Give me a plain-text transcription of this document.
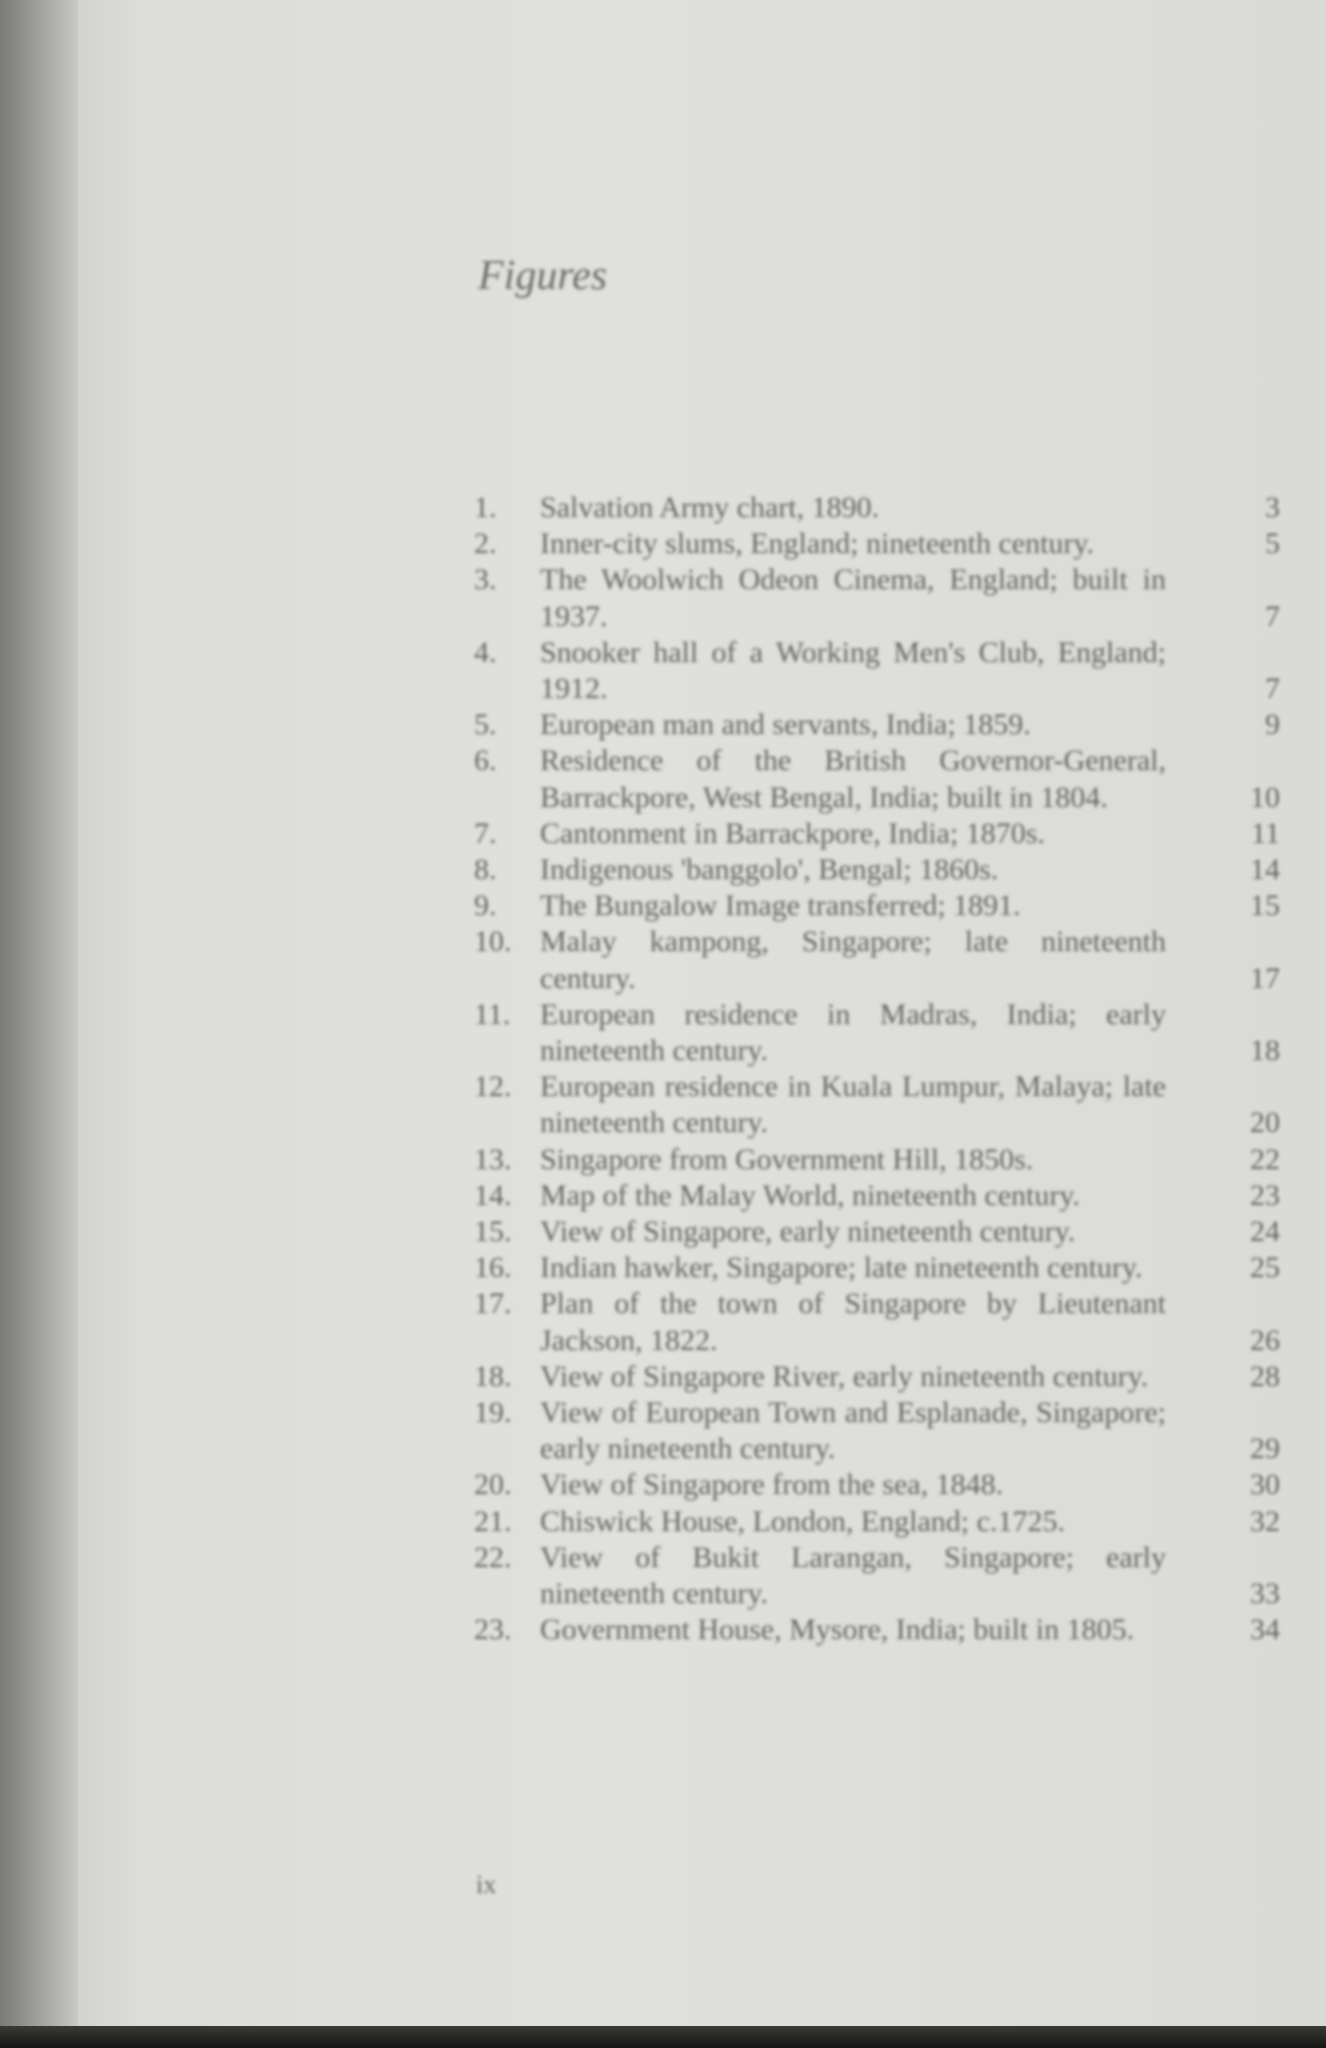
Figures
1.	Salvation Army chart, 1890.	3
2.	Inner-city slums, England; nineteenth century.	5
3.	The Woolwich Odeon Cinema, England; built in 1937.	7
4.	Snooker hall of a Working Men's Club, England; 1912.	7
5.	European man and servants, India; 1859.	9
6.	Residence of the British Governor-General, Barrackpore, West Bengal, India; built in 1804.	10
7.	Cantonment in Barrackpore, India; 1870s.	11
8.	Indigenous 'banggolo', Bengal; 1860s.	14
9.	The Bungalow Image transferred; 1891.	15
10. Malay kampong, Singapore; late nineteenth century.	17
11. European residence in Madras, India; early nineteenth century.	18
12. European residence in Kuala Lumpur, Malaya; late nineteenth century.	20
13. Singapore from Government Hill, 1850s.	22
14. Map of the Malay World, nineteenth century.	23
15. View of Singapore, early nineteenth century.	24
16. Indian hawker, Singapore; late nineteenth century.	25
17. Plan of the town of Singapore by Lieutenant Jackson, 1822.	26
18. View of Singapore River, early nineteenth century.	28
19. View of European Town and Esplanade, Singapore; early nineteenth century.	29
20. View of Singapore from the sea, 1848.	30
21. Chiswick House, London, England; c.1725.	32
22. View of Bukit Larangan, Singapore; early nineteenth century.	33
23. Government House, Mysore, India; built in 1805.	34
ix
